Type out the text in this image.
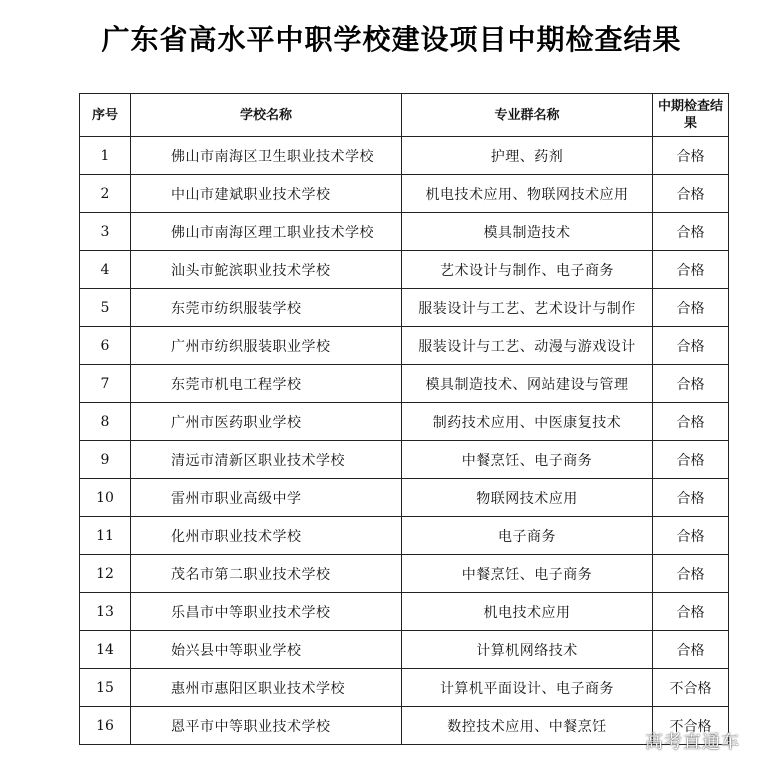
广东省高水平中职学校建设项目中期检查结果
序号	学校名称	专业群名称	中期检查结果
1	佛山市南海区卫生职业技术学校	护理、药剂	合格
2	中山市建斌职业技术学校	机电技术应用、物联网技术应用	合格
3	佛山市南海区理工职业技术学校	模具制造技术	合格
4	汕头市鮀滨职业技术学校	艺术设计与制作、电子商务	合格
5	东莞市纺织服装学校	服装设计与工艺、艺术设计与制作	合格
6	广州市纺织服装职业学校	服装设计与工艺、动漫与游戏设计	合格
7	东莞市机电工程学校	模具制造技术、网站建设与管理	合格
8	广州市医药职业学校	制药技术应用、中医康复技术	合格
9	清远市清新区职业技术学校	中餐烹饪、电子商务	合格
10	雷州市职业高级中学	物联网技术应用	合格
11	化州市职业技术学校	电子商务	合格
12	茂名市第二职业技术学校	中餐烹饪、电子商务	合格
13	乐昌市中等职业技术学校	机电技术应用	合格
14	始兴县中等职业学校	计算机网络技术	合格
15	惠州市惠阳区职业技术学校	计算机平面设计、电子商务	不合格
16	恩平市中等职业技术学校	数控技术应用、中餐烹饪	不合格
高考直通车
